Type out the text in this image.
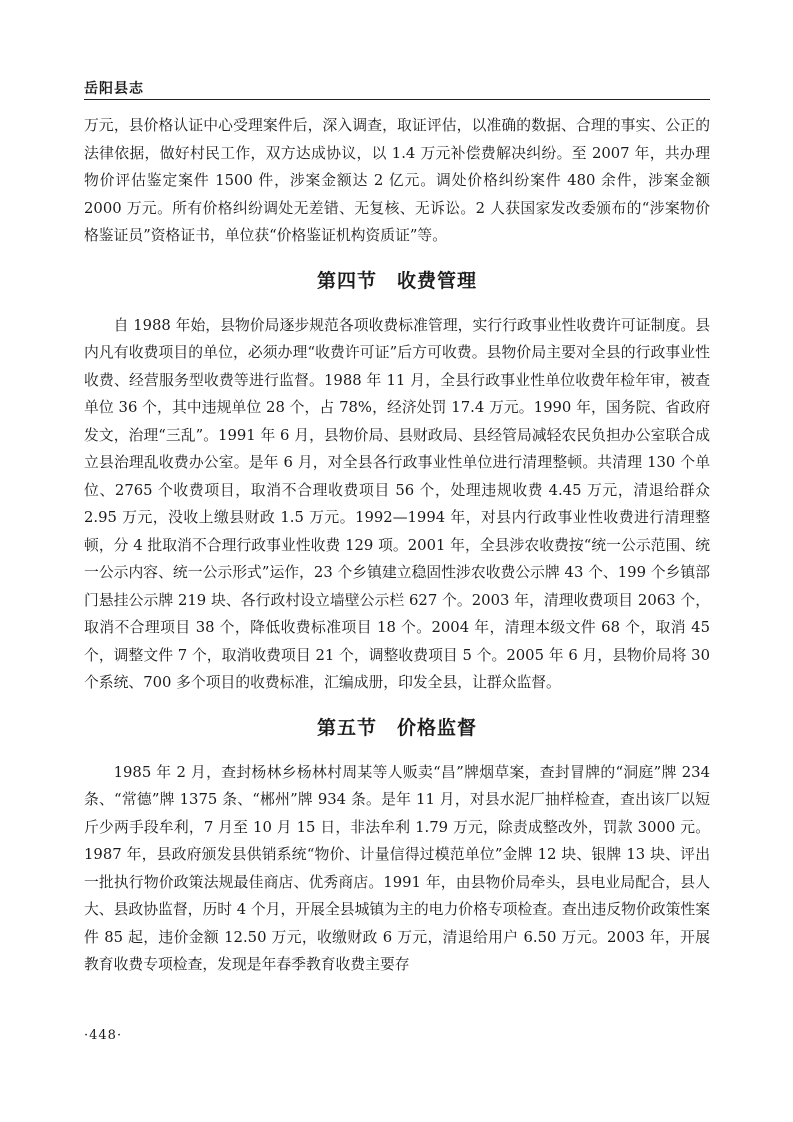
岳阳县志

万元，县价格认证中心受理案件后，深入调查，取证评估，以准确的数据、合理的事实、公正的法律依据，做好村民工作，双方达成协议，以 1.4 万元补偿费解决纠纷。至 2007 年，共办理物价评估鉴定案件 1500 件，涉案金额达 2 亿元。调处价格纠纷案件 480 余件，涉案金额 2000 万元。所有价格纠纷调处无差错、无复核、无诉讼。2 人获国家发改委颁布的“涉案物价格鉴证员”资格证书，单位获“价格鉴证机构资质证”等。

第四节 收费管理

自 1988 年始，县物价局逐步规范各项收费标准管理，实行行政事业性收费许可证制度。县内凡有收费项目的单位，必须办理“收费许可证”后方可收费。县物价局主要对全县的行政事业性收费、经营服务型收费等进行监督。1988 年 11 月，全县行政事业性单位收费年检年审，被查单位 36 个，其中违规单位 28 个，占 78%，经济处罚 17.4 万元。1990 年，国务院、省政府发文，治理“三乱”。1991 年 6 月，县物价局、县财政局、县经管局减轻农民负担办公室联合成立县治理乱收费办公室。是年 6 月，对全县各行政事业性单位进行清理整顿。共清理 130 个单位、2765 个收费项目，取消不合理收费项目 56 个，处理违规收费 4.45 万元，清退给群众 2.95 万元，没收上缴县财政 1.5 万元。1992—1994 年，对县内行政事业性收费进行清理整顿，分 4 批取消不合理行政事业性收费 129 项。2001 年，全县涉农收费按“统一公示范围、统一公示内容、统一公示形式”运作，23 个乡镇建立稳固性涉农收费公示牌 43 个、199 个乡镇部门悬挂公示牌 219 块、各行政村设立墙壁公示栏 627 个。2003 年，清理收费项目 2063 个，取消不合理项目 38 个，降低收费标准项目 18 个。2004 年，清理本级文件 68 个，取消 45 个，调整文件 7 个，取消收费项目 21 个，调整收费项目 5 个。2005 年 6 月，县物价局将 30 个系统、700 多个项目的收费标准，汇编成册，印发全县，让群众监督。

第五节 价格监督

1985 年 2 月，查封杨林乡杨林村周某等人贩卖“昌”牌烟草案，查封冒牌的“洞庭”牌 234 条、“常德”牌 1375 条、“郴州”牌 934 条。是年 11 月，对县水泥厂抽样检查，查出该厂以短斤少两手段牟利，7 月至 10 月 15 日，非法牟利 1.79 万元，除责成整改外，罚款 3000 元。1987 年，县政府颁发县供销系统“物价、计量信得过模范单位”金牌 12 块、银牌 13 块、评出一批执行物价政策法规最佳商店、优秀商店。1991 年，由县物价局牵头，县电业局配合，县人大、县政协监督，历时 4 个月，开展全县城镇为主的电力价格专项检查。查出违反物价政策性案件 85 起，违价金额 12.50 万元，收缴财政 6 万元，清退给用户 6.50 万元。2003 年，开展教育收费专项检查，发现是年春季教育收费主要存

·448·
